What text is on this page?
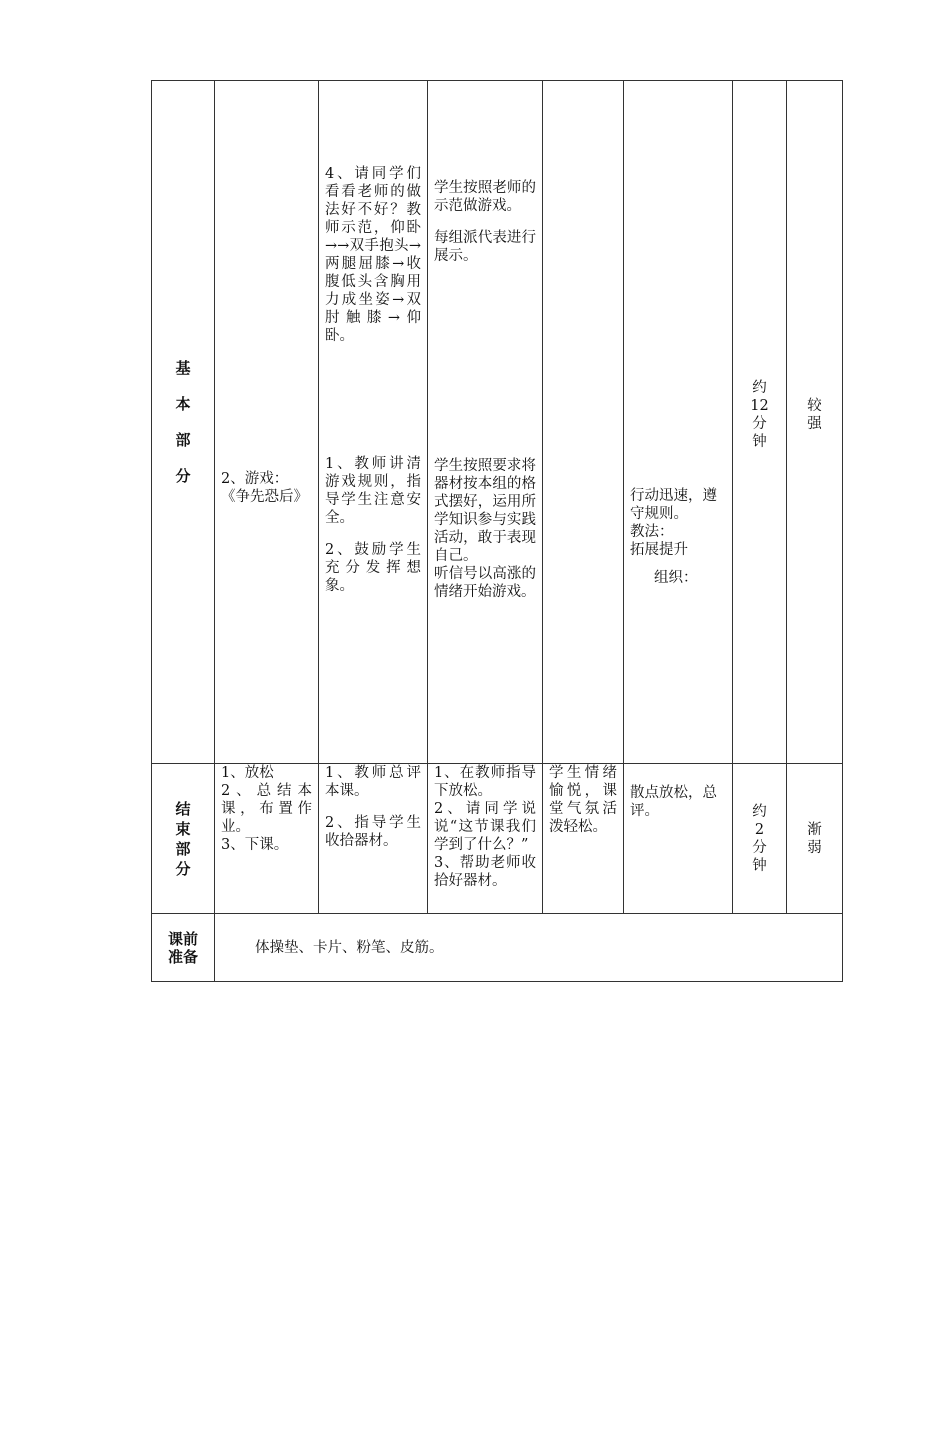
基
本
部
分	2、游戏：
《争先恐后》	4、请同学们看看老师的做法好不好？教师示范，仰卧→→双手抱头→两腿屈膝→收腹低头含胸用力成坐姿→双肘触膝→仰卧。
1、教师讲清游戏规则，指导学生注意安全。
2、鼓励学生充分发挥想象。	学生按照老师的示范做游戏。
每组派代表进行展示。
学生按照要求将器材按本组的格式摆好，运用所学知识参与实践活动，敢于表现自己。
听信号以高涨的情绪开始游戏。		行动迅速，遵守规则。
教法：
拓展提升
组织：	约
12
分
钟	较
强

结
束
部
分	1、放松
2、总结本课，布置作业。
3、下课。	1、教师总评本课。
2、指导学生收拾器材。	1、在教师指导下放松。
2、请同学说说“这节课我们学到了什么？”
3、帮助老师收拾好器材。	学生情绪愉悦，课堂气氛活泼轻松。	散点放松，总评。	约
2
分
钟	渐
弱

课前准备	体操垫、卡片、粉笔、皮筋。						
